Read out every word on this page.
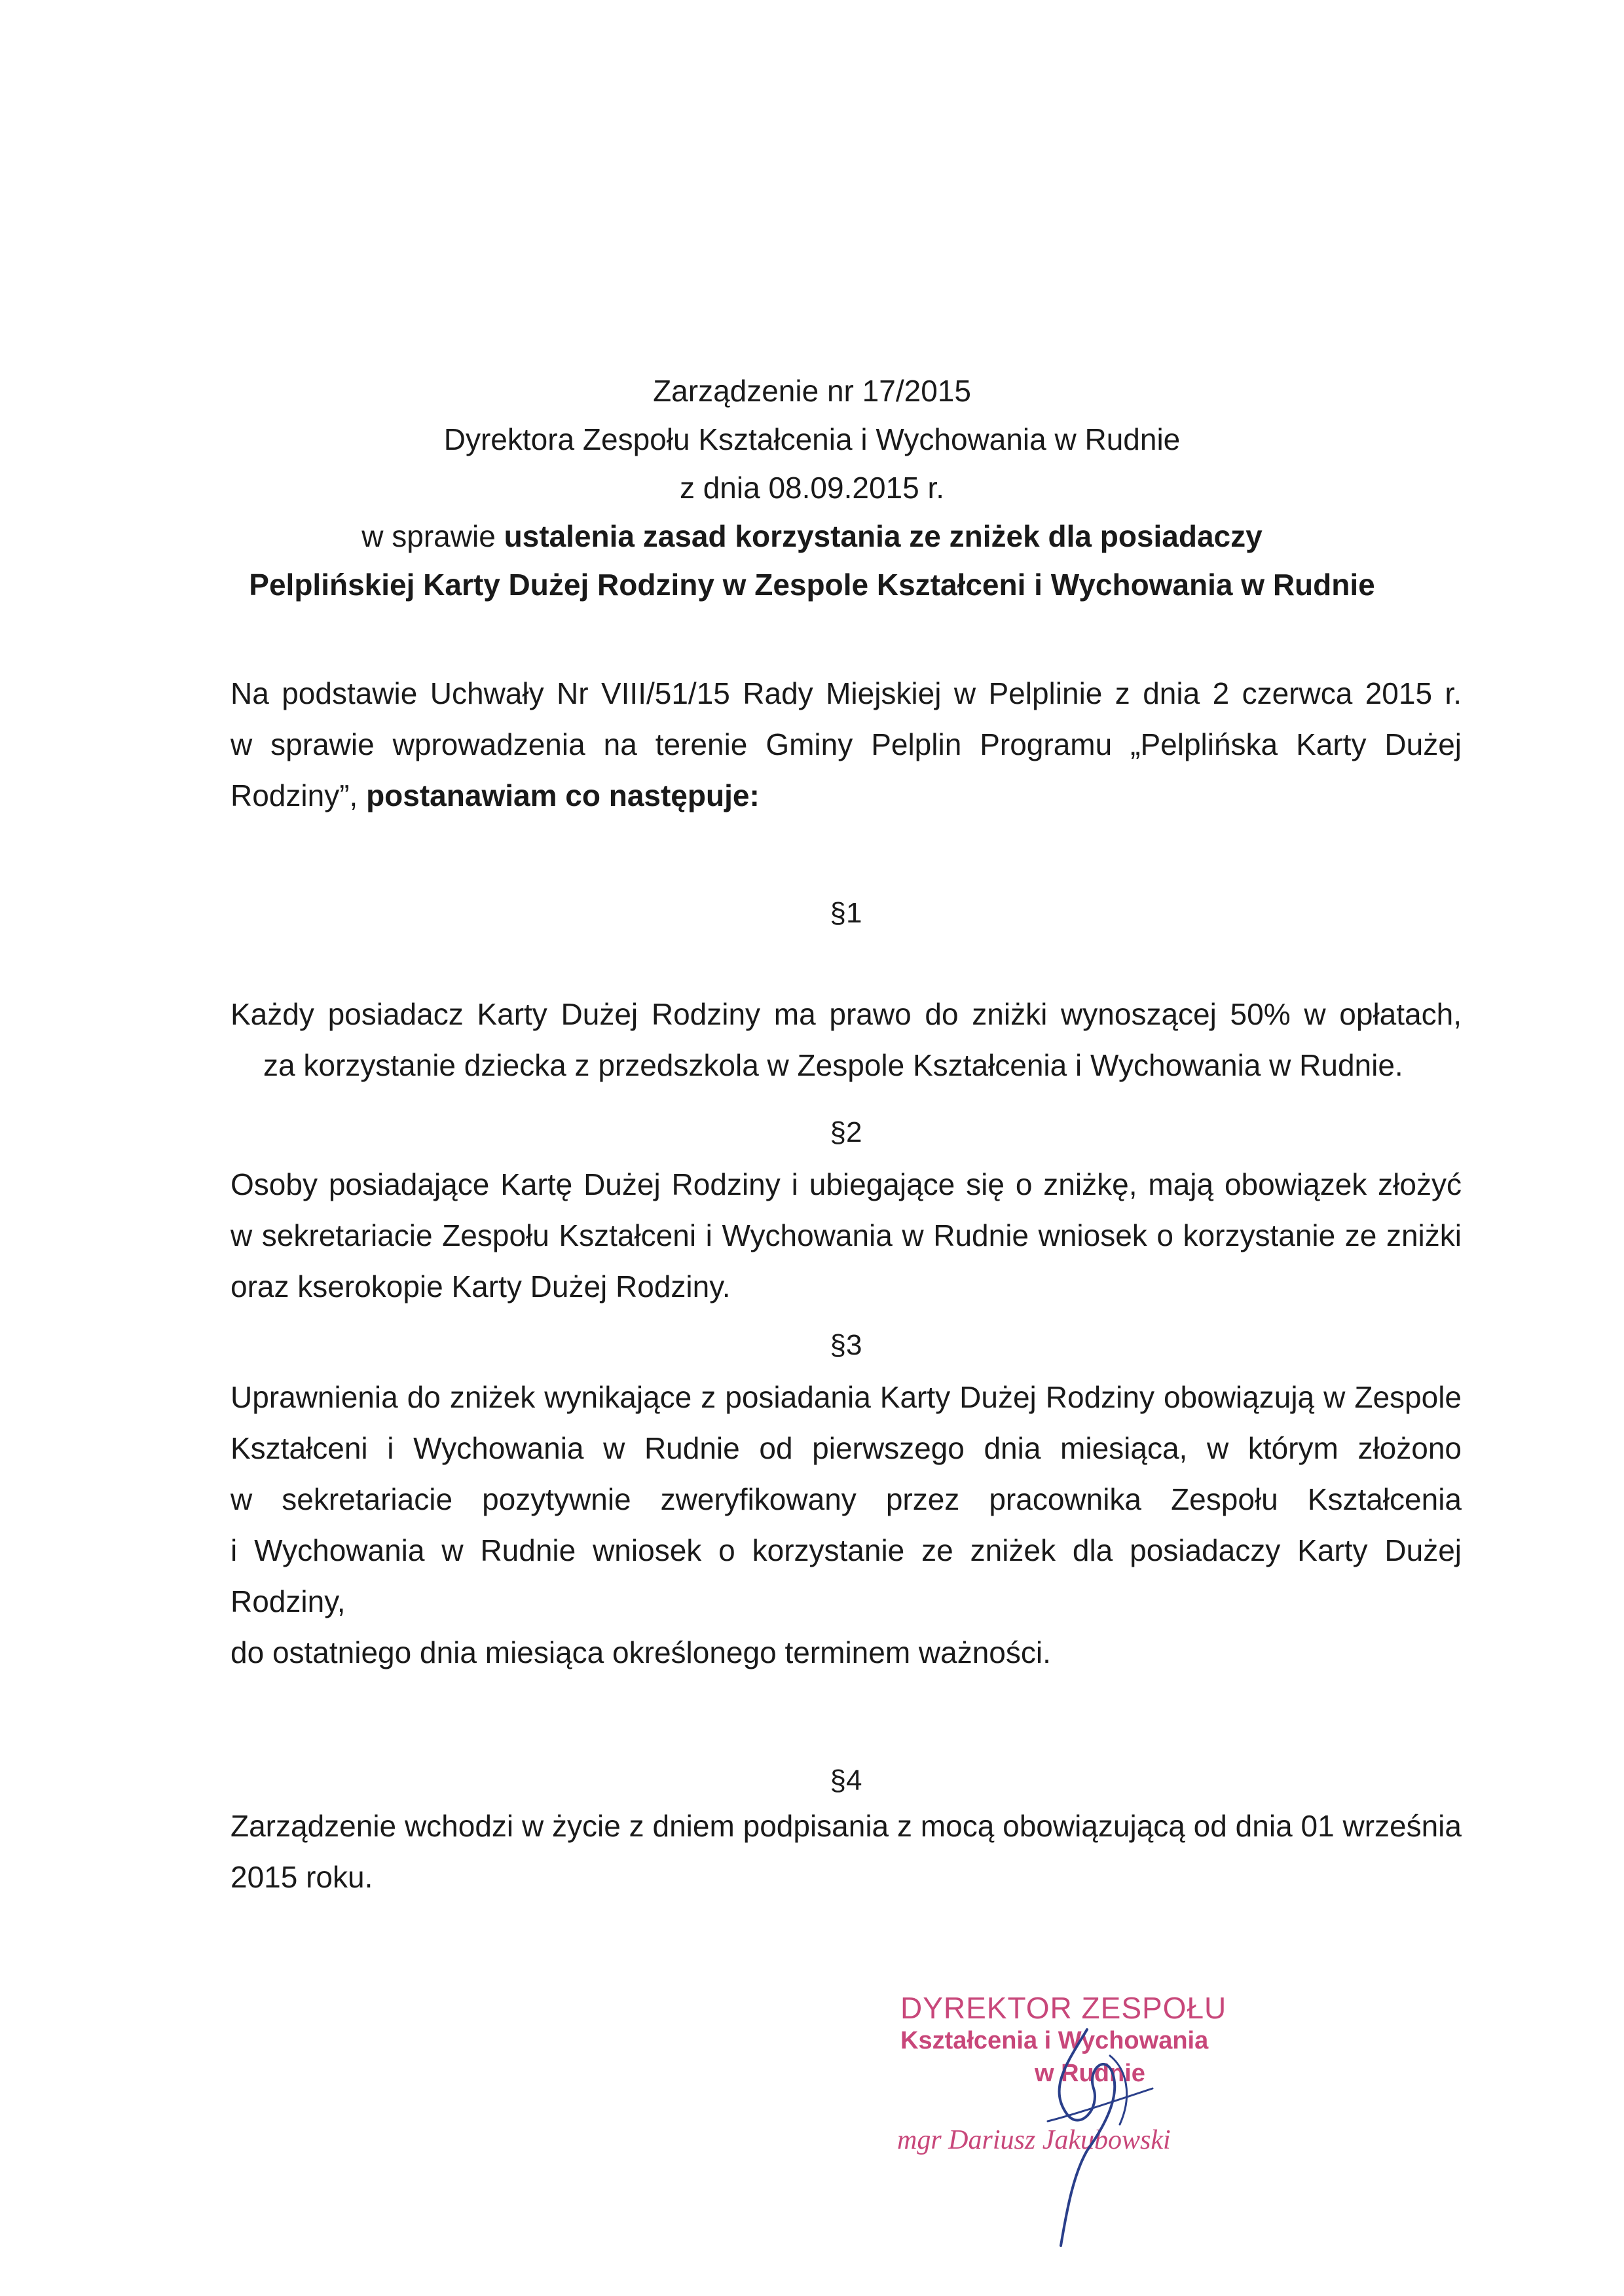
Zarządzenie nr 17/2015
Dyrektora Zespołu Kształcenia i Wychowania w Rudnie
z dnia 08.09.2015 r.
w sprawie ustalenia zasad korzystania ze zniżek dla posiadaczy
Pelplińskiej Karty Dużej Rodziny w Zespole Kształceni i Wychowania w Rudnie
Na podstawie Uchwały Nr VIII/51/15 Rady Miejskiej w Pelplinie z dnia 2 czerwca 2015 r.
w sprawie wprowadzenia na terenie Gminy Pelplin Programu „Pelplińska Karty Dużej
Rodziny”, postanawiam co następuje:
§1
Każdy posiadacz Karty Dużej Rodziny ma prawo do zniżki wynoszącej 50% w opłatach,
za korzystanie dziecka z przedszkola w Zespole Kształcenia i Wychowania w Rudnie.
§2
Osoby posiadające Kartę Dużej Rodziny i ubiegające się o zniżkę, mają obowiązek złożyć
w sekretariacie Zespołu Kształceni i Wychowania w Rudnie wniosek o korzystanie ze zniżki
oraz kserokopie Karty Dużej Rodziny.
§3
Uprawnienia do zniżek wynikające z posiadania Karty Dużej Rodziny obowiązują w Zespole
Kształceni i Wychowania w Rudnie od pierwszego dnia miesiąca, w którym złożono
w sekretariacie pozytywnie zweryfikowany przez pracownika Zespołu Kształcenia
i Wychowania w Rudnie wniosek o korzystanie ze zniżek dla posiadaczy Karty Dużej Rodziny,
do ostatniego dnia miesiąca określonego terminem ważności.
§4
Zarządzenie wchodzi w życie z dniem podpisania z mocą obowiązującą od dnia 01 września
2015 roku.
DYREKTOR ZESPOŁU
Kształcenia i Wychowania
w Rudnie
mgr Dariusz Jakubowski
